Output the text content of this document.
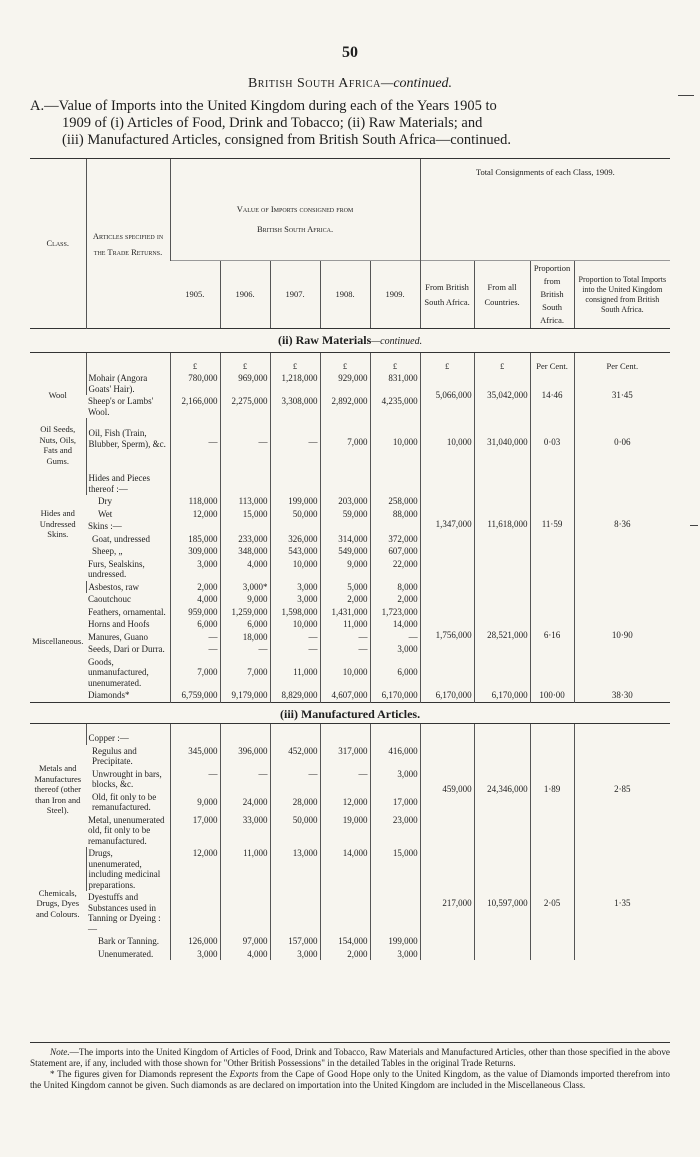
50
British South Africa—continued.
A.—Value of Imports into the United Kingdom during each of the Years 1905 to
1909 of (i) Articles of Food, Drink and Tobacco; (ii) Raw Materials; and
(iii) Manufactured Articles, consigned from British South Africa—continued.
Class.	Articles specified in the Trade Returns.	Value of Imports consigned from
British South Africa.					Total Consignments of each Class, 1909.			
		1905.	1906.	1907.	1908.	1909.	From British South Africa.	From all Countries.	Proportion from British South Africa.	Proportion to Total Imports into the United Kingdom consigned from British South Africa.
(ii) Raw Materials—continued.										
		£	£	£	£	£	£	£	Per Cent.	Per Cent.
Wool	Mohair (Angora Goats' Hair).	780,000	969,000	1,218,000	929,000	831,000	5,066,000	35,042,000	14·46	31·45
	Sheep's or Lambs' Wool.	2,166,000	2,275,000	3,308,000	2,892,000	4,235,000				
Oil Seeds, Nuts, Oils, Fats and Gums.	Oil, Fish (Train, Blubber, Sperm), &c.	—	—	—	7,000	10,000	10,000	31,040,000	0·03	0·06
Hides and Undressed Skins.	Hides and Pieces thereof :—						1,347,000	11,618,000	11·59	8·36
	Dry	118,000	113,000	199,000	203,000	258,000				
	Wet	12,000	15,000	50,000	59,000	88,000				
	Skins :—									
	Goat, undressed	185,000	233,000	326,000	314,000	372,000				
	Sheep, „	309,000	348,000	543,000	549,000	607,000				
	Furs, Sealskins, undressed.	3,000	4,000	10,000	9,000	22,000				
Miscellaneous.	Asbestos, raw	2,000	3,000*	3,000	5,000	8,000	1,756,000	28,521,000	6·16	10·90
	Caoutchouc	4,000	9,000	3,000	2,000	2,000				
	Feathers, ornamental.	959,000	1,259,000	1,598,000	1,431,000	1,723,000				
	Horns and Hoofs	6,000	6,000	10,000	11,000	14,000				
	Manures, Guano	—	18,000	—	—	—				
	Seeds, Dari or Durra.	—	—	—	—	3,000				
	Goods, unmanufactured, unenumerated.	7,000	7,000	11,000	10,000	6,000				
	Diamonds*	6,759,000	9,179,000	8,829,000	4,607,000	6,170,000	6,170,000	6,170,000	100·00	38·30
(iii) Manufactured Articles.										

Metals and Manufactures thereof (other than Iron and Steel).	Copper :—						459,000	24,346,000	1·89	2·85
	Regulus and Precipitate.	345,000	396,000	452,000	317,000	416,000				
	Unwrought in bars, blocks, &c.	—	—	—	—	3,000				
	Old, fit only to be remanufactured.	9,000	24,000	28,000	12,000	17,000				
	Metal, unenumerated old, fit only to be remanufactured.	17,000	33,000	50,000	19,000	23,000				
Chemicals, Drugs, Dyes and Colours.	Drugs, unenumerated, including medicinal preparations.	12,000	11,000	13,000	14,000	15,000	217,000	10,597,000	2·05	1·35
	Dyestuffs and Substances used in Tanning or Dyeing :—									
	Bark or Tanning.	126,000	97,000	157,000	154,000	199,000				
	Unenumerated.	3,000	4,000	3,000	2,000	3,000				

Note.—The imports into the United Kingdom of Articles of Food, Drink and Tobacco, Raw Materials and Manufactured Articles, other than those specified in the above Statement are, if any, included with those shown for "Other British Possessions" in the detailed Tables in the original Trade Returns.

* The figures given for Diamonds represent the Exports from the Cape of Good Hope only to the United Kingdom, as the value of Diamonds imported therefrom into the United Kingdom cannot be given. Such diamonds as are declared on importation into the United Kingdom are included in the Miscellaneous Class.
